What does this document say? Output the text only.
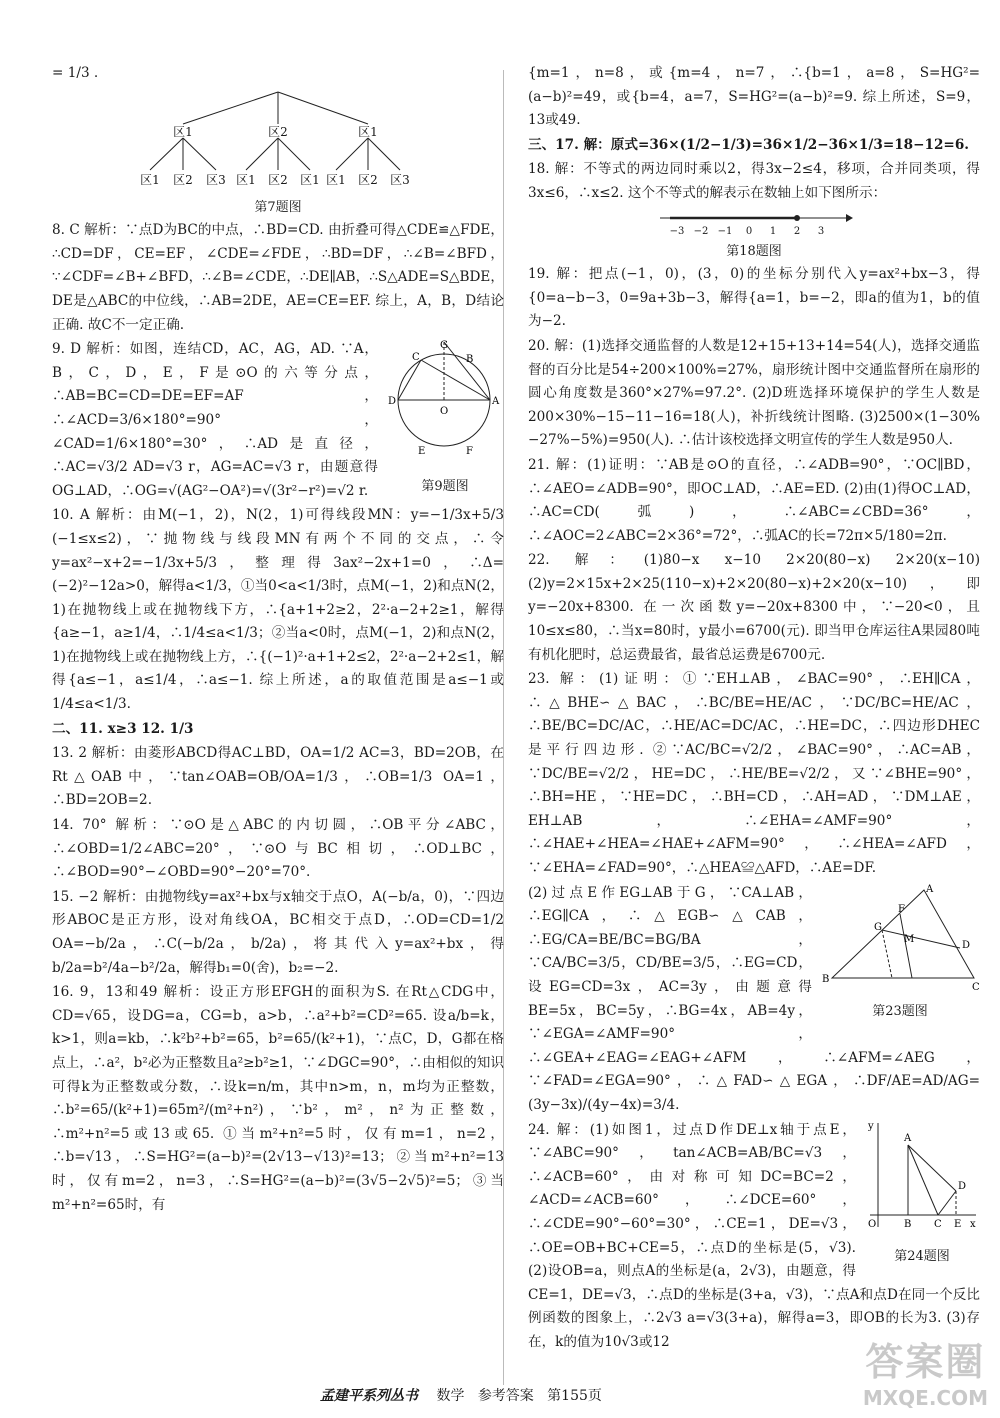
= 1/3 .

区1	区2	区1
区1 区2 区3 区1 区2 区1 区1 区2 区3
第7题图

8. C 解析：∵点D为BC的中点，∴BD=CD. 由折叠可得△CDE≌△FDE，∴CD=DF，CE=EF，∠CDE=∠FDE，∴BD=DF，∴∠B=∠BFD，∵∠CDF=∠B+∠BFD，∴∠B=∠CDE，∴DE∥AB，∴S△ADE=S△BDE，DE是△ABC的中位线，∴AB=2DE，AE=CE=EF. 综上，A，B，D结论正确. 故C不一定正确.

G
C	B
D	A
O
E	F
第9题图

9. D 解析：如图，连结CD，AC，AG，AD. ∵A，B，C，D，E，F是⊙O的六等分点，∴AB=BC=CD=DE=EF=AF，∴∠ACD=3/6×180°=90°，∠CAD=1/6×180°=30°，∴AD是直径，∴AC=√3/2 AD=√3 r，AG=AC=√3 r，由题意得OG⊥AD，∴OG=√(AG²−OA²)=√(3r²−r²)=√2 r.

10. A 解析：由M(−1，2)，N(2，1)可得线段MN：y=−1/3x+5/3 (−1≤x≤2)，∵抛物线与线段MN有两个不同的交点，∴令y=ax²−x+2=−1/3x+5/3，整理得3ax²−2x+1=0，∴Δ=(−2)²−12a>0，解得a<1/3，①当0<a<1/3时，点M(−1，2)和点N(2，1)在抛物线上或在抛物线下方，∴{a+1+2≥2，2²·a−2+2≥1，解得{a≥−1，a≥1/4，∴1/4≤a<1/3；②当a<0时，点M(−1，2)和点N(2，1)在抛物线上或在抛物线上方，∴{(−1)²·a+1+2≤2，2²·a−2+2≤1，解得{a≤−1，a≤1/4，∴a≤−1. 综上所述，a的取值范围是a≤−1或1/4≤a<1/3.

二、11. x≥3 12. 1/3

13. 2 解析：由菱形ABCD得AC⊥BD，OA=1/2 AC=3，BD=2OB，在Rt△OAB中，∵tan∠OAB=OB/OA=1/3，∴OB=1/3 OA=1，∴BD=2OB=2.

14. 70° 解析：∵⊙O是△ABC的内切圆，∴OB平分∠ABC，∴∠OBD=1/2∠ABC=20°，∵⊙O与BC相切，∴OD⊥BC，∴∠BOD=90°−∠OBD=90°−20°=70°.

15. −2 解析：由抛物线y=ax²+bx与x轴交于点O，A(−b/a，0)，∵四边形ABOC是正方形，设对角线OA，BC相交于点D，∴OD=CD=1/2 OA=−b/2a，∴C(−b/2a，b/2a)，将其代入y=ax²+bx，得b/2a=b²/4a−b²/2a，解得b₁=0(舍)，b₂=−2.

16. 9，13和49 解析：设正方形EFGH的面积为S. 在Rt△CDG中，CD=√65，设DG=a，CG=b，a>b，∴a²+b²=CD²=65. 设a/b=k，k>1，则a=kb，∴k²b²+b²=65，b²=65/(k²+1)，∵点C，D，G都在格点上，∴a²，b²必为正整数且a²≥b²≥1，∵∠DGC=90°，∴由相似的知识可得k为正整数或分数，∴设k=n/m，其中n>m，n，m均为正整数，∴b²=65/(k²+1)=65m²/(m²+n²)，∵b²，m²，n²为正整数，∴m²+n²=5或13或65. ①当m²+n²=5时，仅有m=1，n=2，∴b=√13，∴S=HG²=(a−b)²=(2√13−√13)²=13；②当m²+n²=13时，仅有m=2，n=3，∴S=HG²=(a−b)²=(3√5−2√5)²=5；③当m²+n²=65时，有

{m=1，n=8，或{m=4，n=7，∴{b=1，a=8，S=HG²=(a−b)²=49，或{b=4，a=7，S=HG²=(a−b)²=9. 综上所述，S=9，13或49.

三、17. 解：原式=36×(1/2−1/3)=36×1/2−36×1/3=18−12=6.

18. 解：不等式的两边同时乘以2，得3x−2≤4，移项，合并同类项，得3x≤6，∴x≤2. 这个不等式的解表示在数轴上如下图所示：

−3 −2 −1 0 1 2 3
第18题图

19. 解：把点(−1，0)，(3，0)的坐标分别代入y=ax²+bx−3，得{0=a−b−3，0=9a+3b−3，解得{a=1，b=−2，即a的值为1，b的值为−2.

20. 解：(1)选择交通监督的人数是12+15+13+14=54(人)，选择交通监督的百分比是54÷200×100%=27%，扇形统计图中交通监督所在扇形的圆心角度数是360°×27%=97.2°. (2)D班选择环境保护的学生人数是200×30%−15−11−16=18(人)，补折线统计图略. (3)2500×(1−30%−27%−5%)=950(人). ∴估计该校选择文明宣传的学生人数是950人.

21. 解：(1)证明：∵AB是⊙O的直径，∴∠ADB=90°，∵OC∥BD，∴∠AEO=∠ADB=90°，即OC⊥AD，∴AE=ED. (2)由(1)得OC⊥AD，∴AC=CD(弧)，∴∠ABC=∠CBD=36°，∴∠AOC=2∠ABC=2×36°=72°，∴弧AC的长=72π×5/180=2π.

22. 解：(1)80−x x−10 2×20(80−x) 2×20(x−10) (2)y=2×15x+2×25(110−x)+2×20(80−x)+2×20(x−10)，即y=−20x+8300. 在一次函数y=−20x+8300中，∵−20<0，且10≤x≤80，∴当x=80时，y最小=6700(元). 即当甲仓库运往A果园80吨有机化肥时，总运费最省，最省总运费是6700元.

23. 解：(1)证明：①∵EH⊥AB，∠BAC=90°，∴EH∥CA，∴△BHE∽△BAC，∴BC/BE=HE/AC，∵DC/BC=HE/AC，∴BE/BC=DC/AC，∴HE/AC=DC/AC，∴HE=DC，∴四边形DHEC是平行四边形. ②∵AC/BC=√2/2，∠BAC=90°，∴AC=AB，∵DC/BE=√2/2，HE=DC，∴HE/BE=√2/2，又∵∠BHE=90°，∴BH=HE，∵HE=DC，∴BH=CD，∴AH=AD，∵DM⊥AE，EH⊥AB，∴∠EHA=∠AMF=90°，∴∠HAE+∠HEA=∠HAE+∠AFM=90°，∴∠HEA=∠AFD，∵∠EHA=∠FAD=90°，∴△HEA≌△AFD，∴AE=DF.

A
B
C
D
G
F
M
第23题图

(2)过点E作EG⊥AB于G，∵CA⊥AB，∴EG∥CA，∴△EGB∽△CAB，∴EG/CA=BE/BC=BG/BA，∵CA/BC=3/5，CD/BE=3/5，∴EG=CD，设EG=CD=3x，AC=3y，由题意得BE=5x，BC=5y，∴BG=4x，AB=4y，∵∠EGA=∠AMF=90°，∴∠GEA+∠EAG=∠EAG+∠AFM，∴∠AFM=∠AEG，∵∠FAD=∠EGA=90°，∴△FAD∽△EGA，∴DF/AE=AD/AG=(3y−3x)/(4y−4x)=3/4.

y
x
O
A
B C
D
E
第24题图

24. 解：(1)如图1，过点D作DE⊥x轴于点E，∵∠ABC=90°，tan∠ACB=AB/BC=√3，∴∠ACB=60°，由对称可知DC=BC=2，∠ACD=∠ACB=60°，∴∠DCE=60°，∴∠CDE=90°−60°=30°，∴CE=1，DE=√3，∴OE=OB+BC+CE=5，∴点D的坐标是(5，√3). (2)设OB=a，则点A的坐标是(a，2√3)，由题意，得CE=1，DE=√3，∴点D的坐标是(3+a，√3)，∵点A和点D在同一个反比例函数的图象上，∴2√3 a=√3(3+a)，解得a=3，即OB的长为3. (3)存在，k的值为10√3或12

孟建平系列丛书 数学 参考答案 第155页
答案圈
MXQE.COM
